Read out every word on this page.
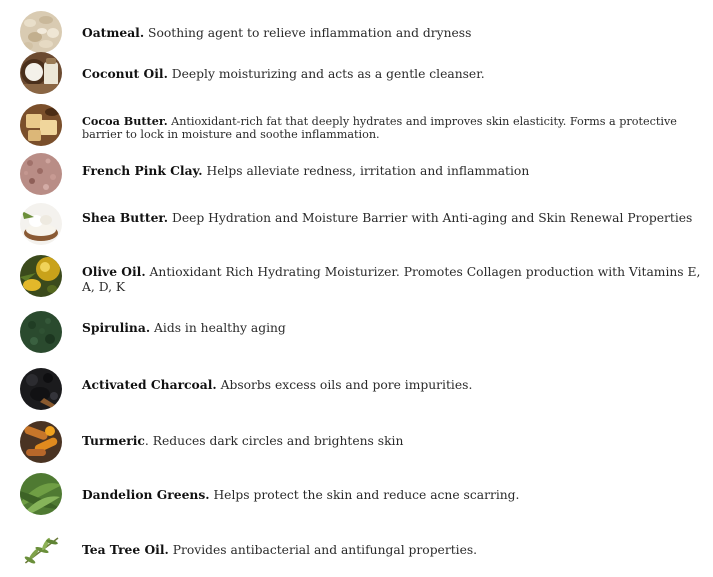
Oatmeal. Soothing agent to relieve inflammation and dryness
Coconut Oil. Deeply moisturizing and acts as a gentle cleanser.
Cocoa Butter. Antioxidant-rich fat that deeply hydrates and improves skin elasticity. Forms a protective barrier to lock in moisture and soothe inflammation.
French Pink Clay. Helps alleviate redness, irritation and inflammation
Shea Butter. Deep Hydration and Moisture Barrier with Anti-aging and Skin Renewal Properties
Olive Oil. Antioxidant Rich Hydrating Moisturizer. Promotes Collagen production with Vitamins E, A, D, K
Spirulina. Aids in healthy aging
Activated Charcoal. Absorbs excess oils and pore impurities.
Turmeric. Reduces dark circles and brightens skin
Dandelion Greens. Helps protect the skin and reduce acne scarring.
Tea Tree Oil. Provides antibacterial and antifungal properties.
